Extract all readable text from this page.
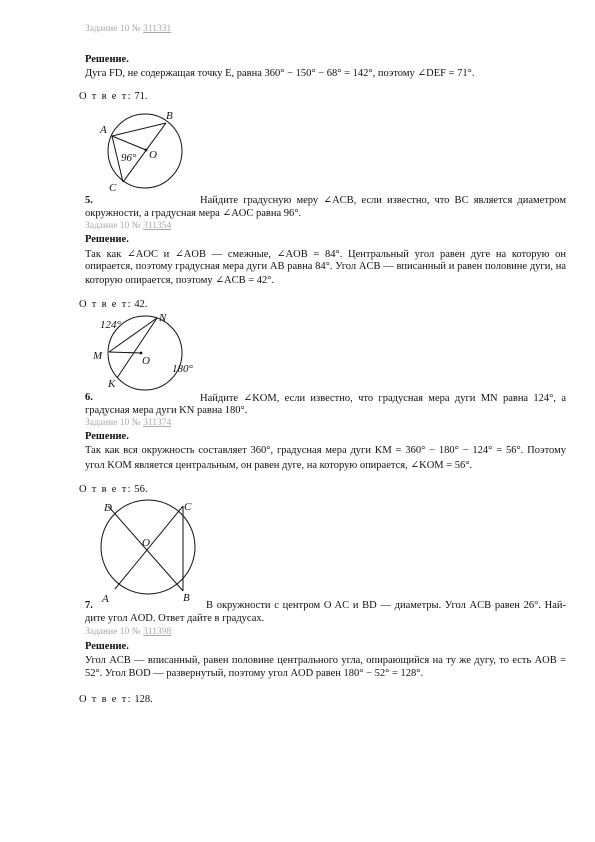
Задание 10 № 311331
Решение.
Дуга FD, не содержащая точку E, равна 360° − 150° − 68° = 142°, поэтому ∠DEF = 71°.
О т в е т: 71.
A
B
O
C
96°
5.	Найдите градусную меру ∠ACB, если известно, что BC является диаметром
окружности, а градусная мера ∠AOC равна 96°.
Задание 10 № 311354
Решение.
Так как ∠AOC и ∠AOB — смежные, ∠AOB = 84°. Центральный угол равен дуге на которую он
опирается, поэтому градусная мера дуги AB равна 84°. Угол ACB — вписанный и равен половине дуги, на
которую опирается, поэтому ∠ACB = 42°.
О т в е т: 42.
124°
N
M	O
180°
K
6.	Найдите ∠KOM, если известно, что градусная мера дуги MN равна 124°, а
градусная мера дуги KN равна 180°.
Задание 10 № 311374
Решение.
Так как вся окружность составляет 360°, градусная мера дуги KM = 360° − 180° − 124° = 56°. Поэтому
угол KOM является центральным, он равен дуге, на которую опирается, ∠KOM = 56°.
О т в е т: 56.
D	C
O
A	B
7.	В окружности с центром O AC и BD — диаметры. Угол ACB равен 26°. Най-
дите угол AOD. Ответ дайте в градусах.
Задание 10 № 311398
Решение.
Угол ACB — вписанный, равен половине центрального угла, опирающийся на ту же дугу, то есть AOB =
52°. Угол BOD — развернутый, поэтому угол AOD равен 180° − 52° = 128°.
О т в е т: 128.
